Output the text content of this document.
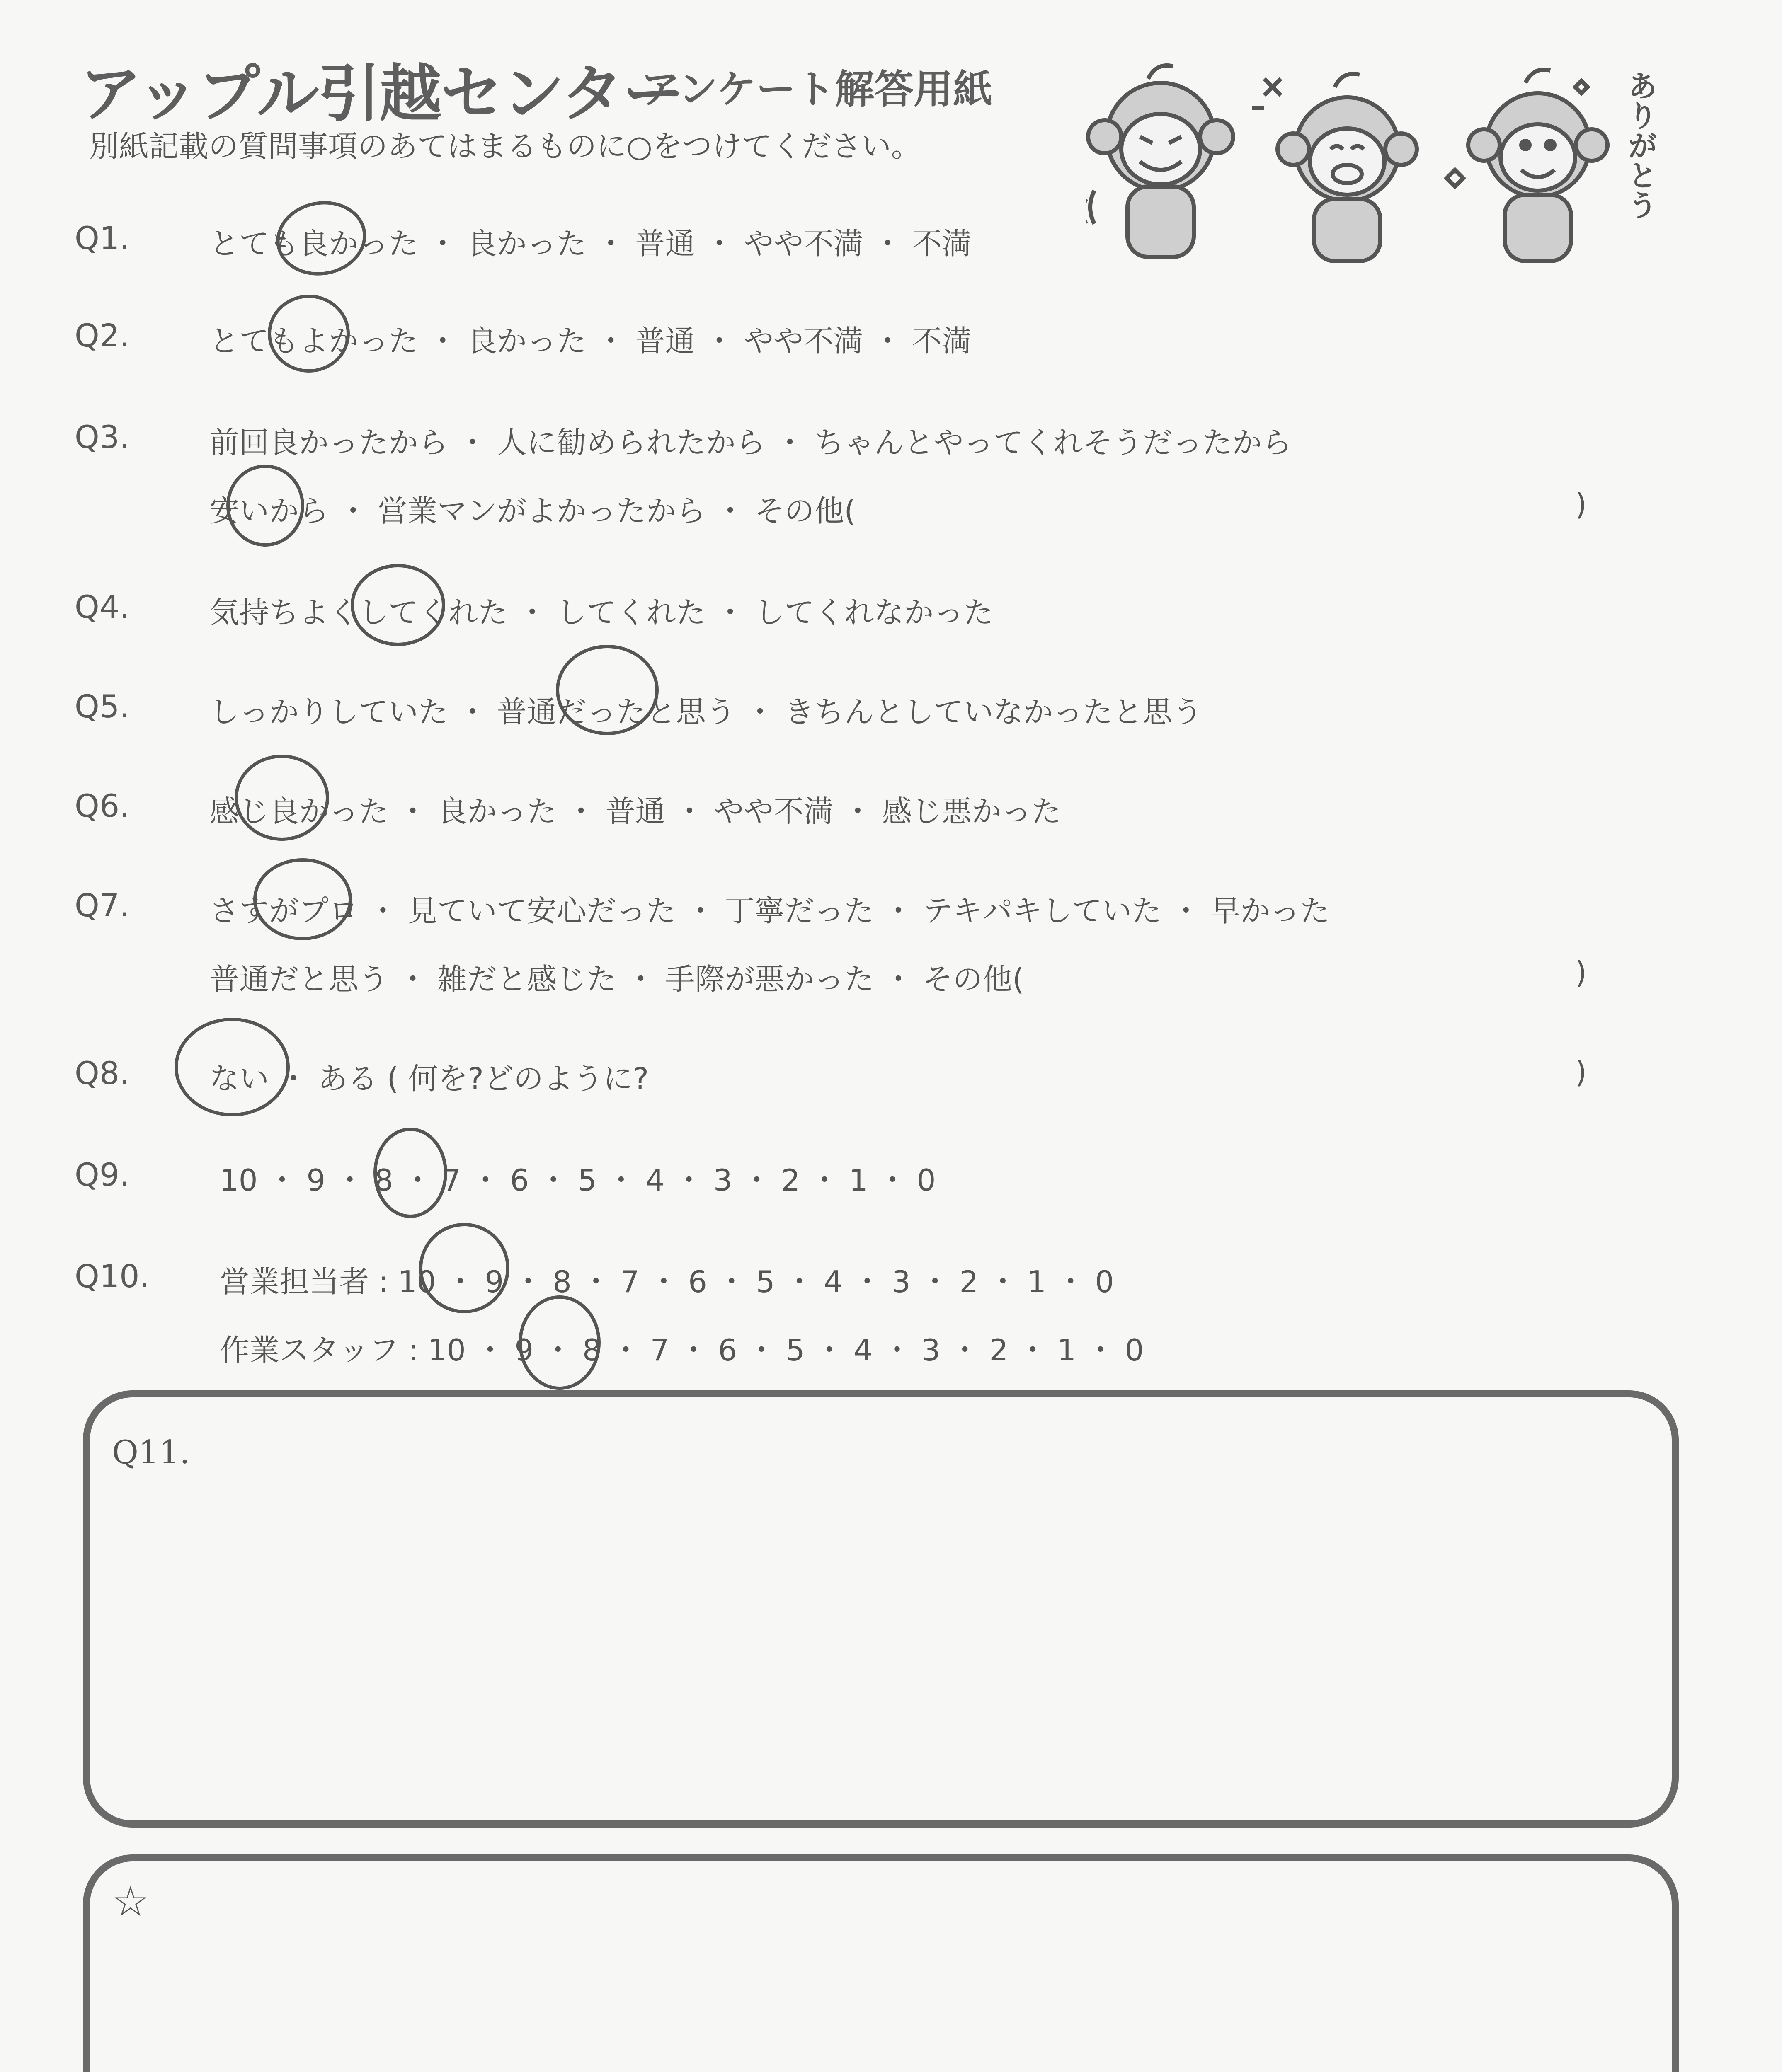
アップル引越センター
アンケート解答用紙
別紙記載の質問事項のあてはまるものに○をつけてください。	ありがとう
Q1.	とても良かった ・ 良かった ・ 普通 ・ やや不満 ・ 不満
Q2.	とてもよかった ・ 良かった ・ 普通 ・ やや不満 ・ 不満
Q3.	前回良かったから ・ 人に勧められたから ・ ちゃんとやってくれそうだったから
安いから ・ 営業マンがよかったから ・ その他(	)
Q4.	気持ちよくしてくれた ・ してくれた ・ してくれなかった
Q5.	しっかりしていた ・ 普通だったと思う ・ きちんとしていなかったと思う
Q6.	感じ良かった ・ 良かった ・ 普通 ・ やや不満 ・ 感じ悪かった
Q7.	さすがプロ ・ 見ていて安心だった ・ 丁寧だった ・ テキパキしていた ・ 早かった
普通だと思う ・ 雑だと感じた ・ 手際が悪かった ・ その他(	)
Q8.	ない ・ ある ( 何を?どのように?	)
Q9.	10 ・ 9 ・ 8 ・ 7 ・ 6 ・ 5 ・ 4 ・ 3 ・ 2 ・ 1 ・ 0
Q10. 営業担当者 : 10 ・ 9 ・ 8 ・ 7 ・ 6 ・ 5 ・ 4 ・ 3 ・ 2 ・ 1 ・ 0
作業スタッフ : 10 ・ 9 ・ 8 ・ 7 ・ 6 ・ 5 ・ 4 ・ 3 ・ 2 ・ 1 ・ 0
Q11.
☆
